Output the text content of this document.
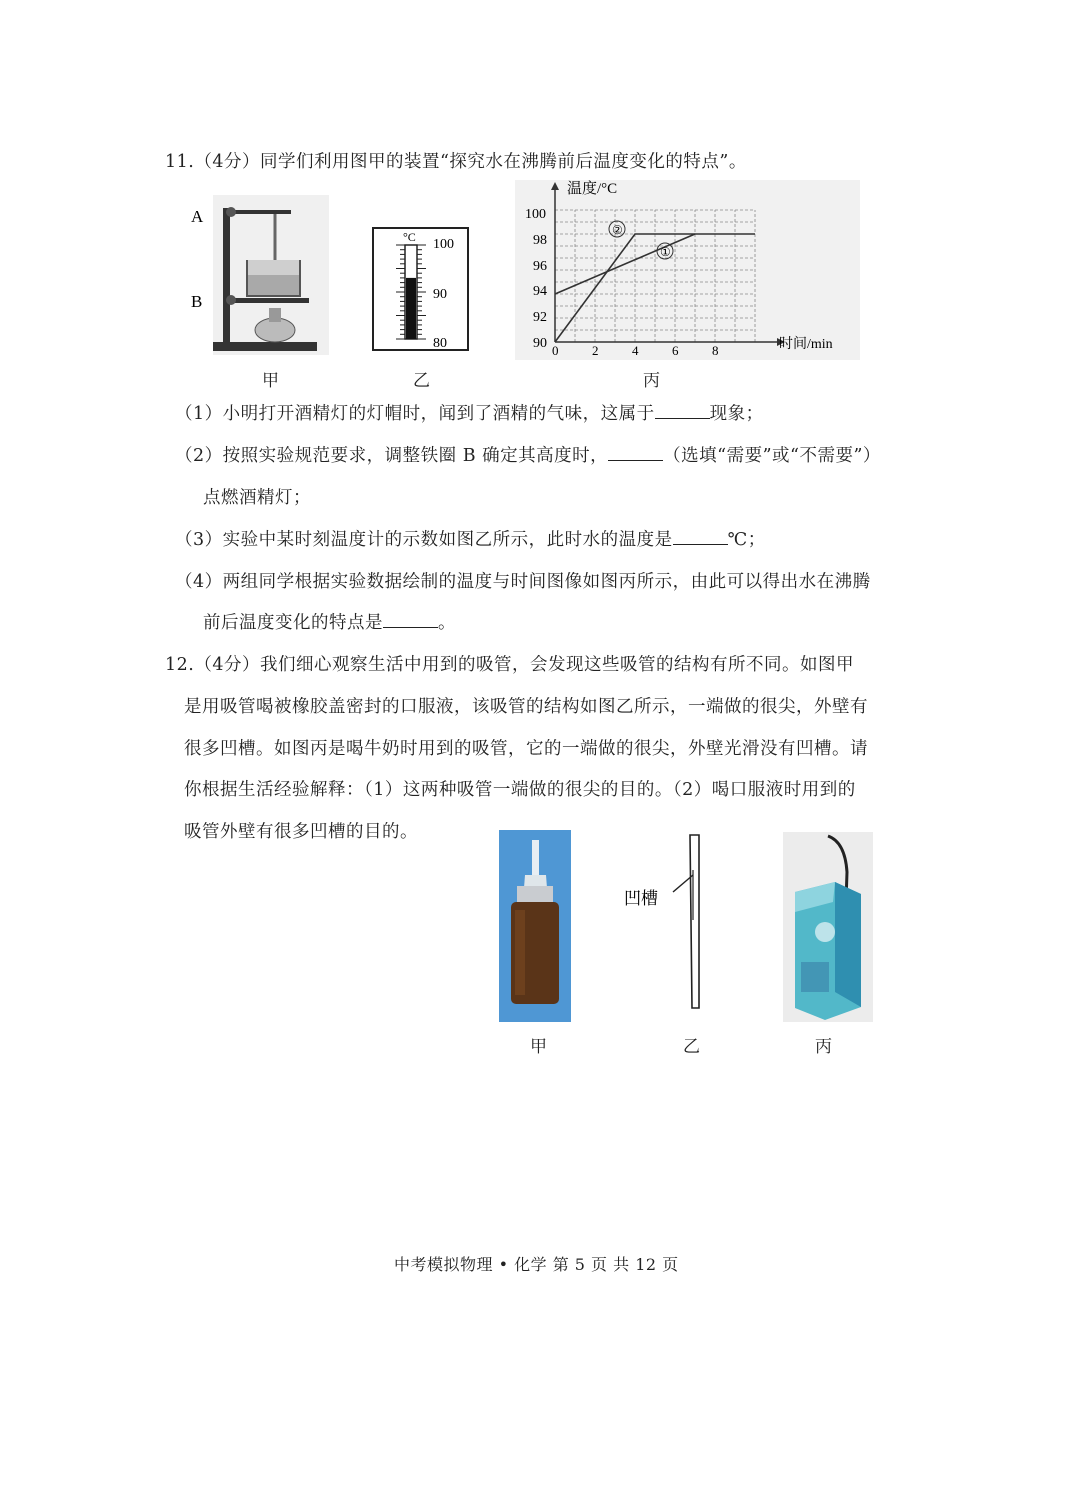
11.（4分）同学们利用图甲的装置“探究水在沸腾前后温度变化的特点”。
A
B
甲
°C 100
90
80
乙
温度/°C
时间/min
90
92
94
96
98
100
0	2	4	6	8
②
①
丙
（1）小明打开酒精灯的灯帽时，闻到了酒精的气味，这属于	现象；
（2）按照实验规范要求，调整铁圈 B 确定其高度时，	（选填“需要”或“不需要”）
点燃酒精灯；
（3）实验中某时刻温度计的示数如图乙所示，此时水的温度是	℃；
（4）两组同学根据实验数据绘制的温度与时间图像如图丙所示，由此可以得出水在沸腾
前后温度变化的特点是	。
12.（4分）我们细心观察生活中用到的吸管，会发现这些吸管的结构有所不同。如图甲
是用吸管喝被橡胶盖密封的口服液，该吸管的结构如图乙所示，一端做的很尖，外壁有
很多凹槽。如图丙是喝牛奶时用到的吸管，它的一端做的很尖，外壁光滑没有凹槽。请
你根据生活经验解释：（1）这两种吸管一端做的很尖的目的。（2）喝口服液时用到的
吸管外壁有很多凹槽的目的。
甲
凹槽
乙	丙
中考模拟物理 • 化学 第 5 页 共 12 页
